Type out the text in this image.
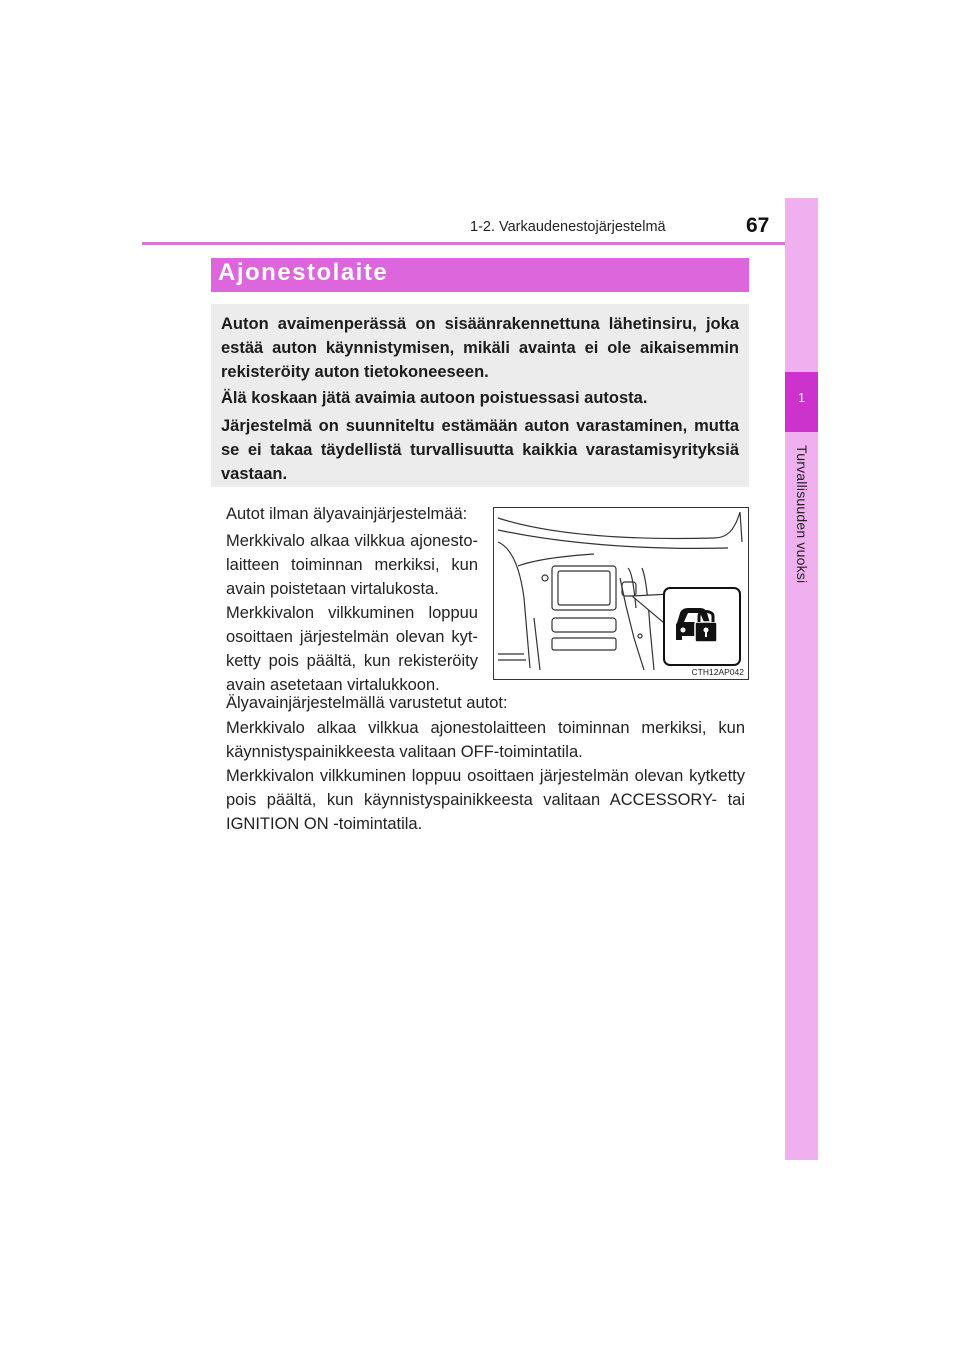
1-2. Varkaudenestojärjestelmä	67
1
Turvallisuuden vuoksi
Ajonestolaite

Auton avaimenperässä on sisäänrakennettuna lähetinsiru, joka estää auton käynnistymisen, mikäli avainta ei ole aikaisemmin rekisteröity auton tietokoneeseen.

Älä koskaan jätä avaimia autoon poistuessasi autosta.

Järjestelmä on suunniteltu estämään auton varastaminen, mutta se ei takaa täydellistä turvallisuutta kaikkia varastamisyrityksiä vastaan.

Autot ilman älyavainjärjestelmää:

Merkkivalo alkaa vilkkua ajonesto- laitteen toiminnan merkiksi, kun avain poistetaan virtalukosta.

Merkkivalon vilkkuminen loppuu osoittaen järjestelmän olevan kyt- ketty pois päältä, kun rekisteröity avain asetetaan virtalukkoon.

CTH12AP042

Älyavainjärjestelmällä varustetut autot:

Merkkivalo alkaa vilkkua ajonestolaitteen toiminnan merkiksi, kun käynnistyspainikkeesta valitaan OFF-toimintatila.

Merkkivalon vilkkuminen loppuu osoittaen järjestelmän olevan kytketty pois päältä, kun käynnistyspainikkeesta valitaan ACCESSORY- tai IGNITION ON -toimintatila.
